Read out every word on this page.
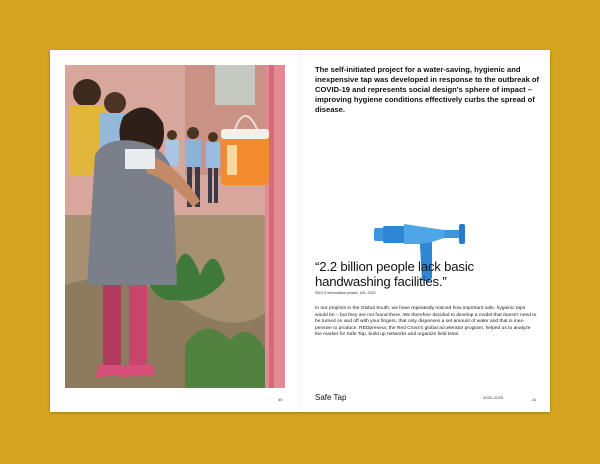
40

The self-initiated project for a water-saving, hygienic and inexpensive tap was developed in response to the outbreak of COVID-19 and represents social design's sphere of impact – improving hygiene conditions effectively curbs the spread of disease.

“2.2 billion people lack basic handwashing facilities.”

SDG 6 information poster, UN, 2022

In our projects in the Global South, we have repeatedly noticed how important safe, hygienic taps would be – but they are not found there. We therefore decided to develop a model that doesn't need to be turned on and off with your fingers, that only dispenses a set amount of water and that is inex- pensive to produce. REDpreneur, the Red Cross's global accelerator program, helped us to analyze the market for Safe Tap, build up networks and organize field tests.

Safe Tap	2020–2023	41
